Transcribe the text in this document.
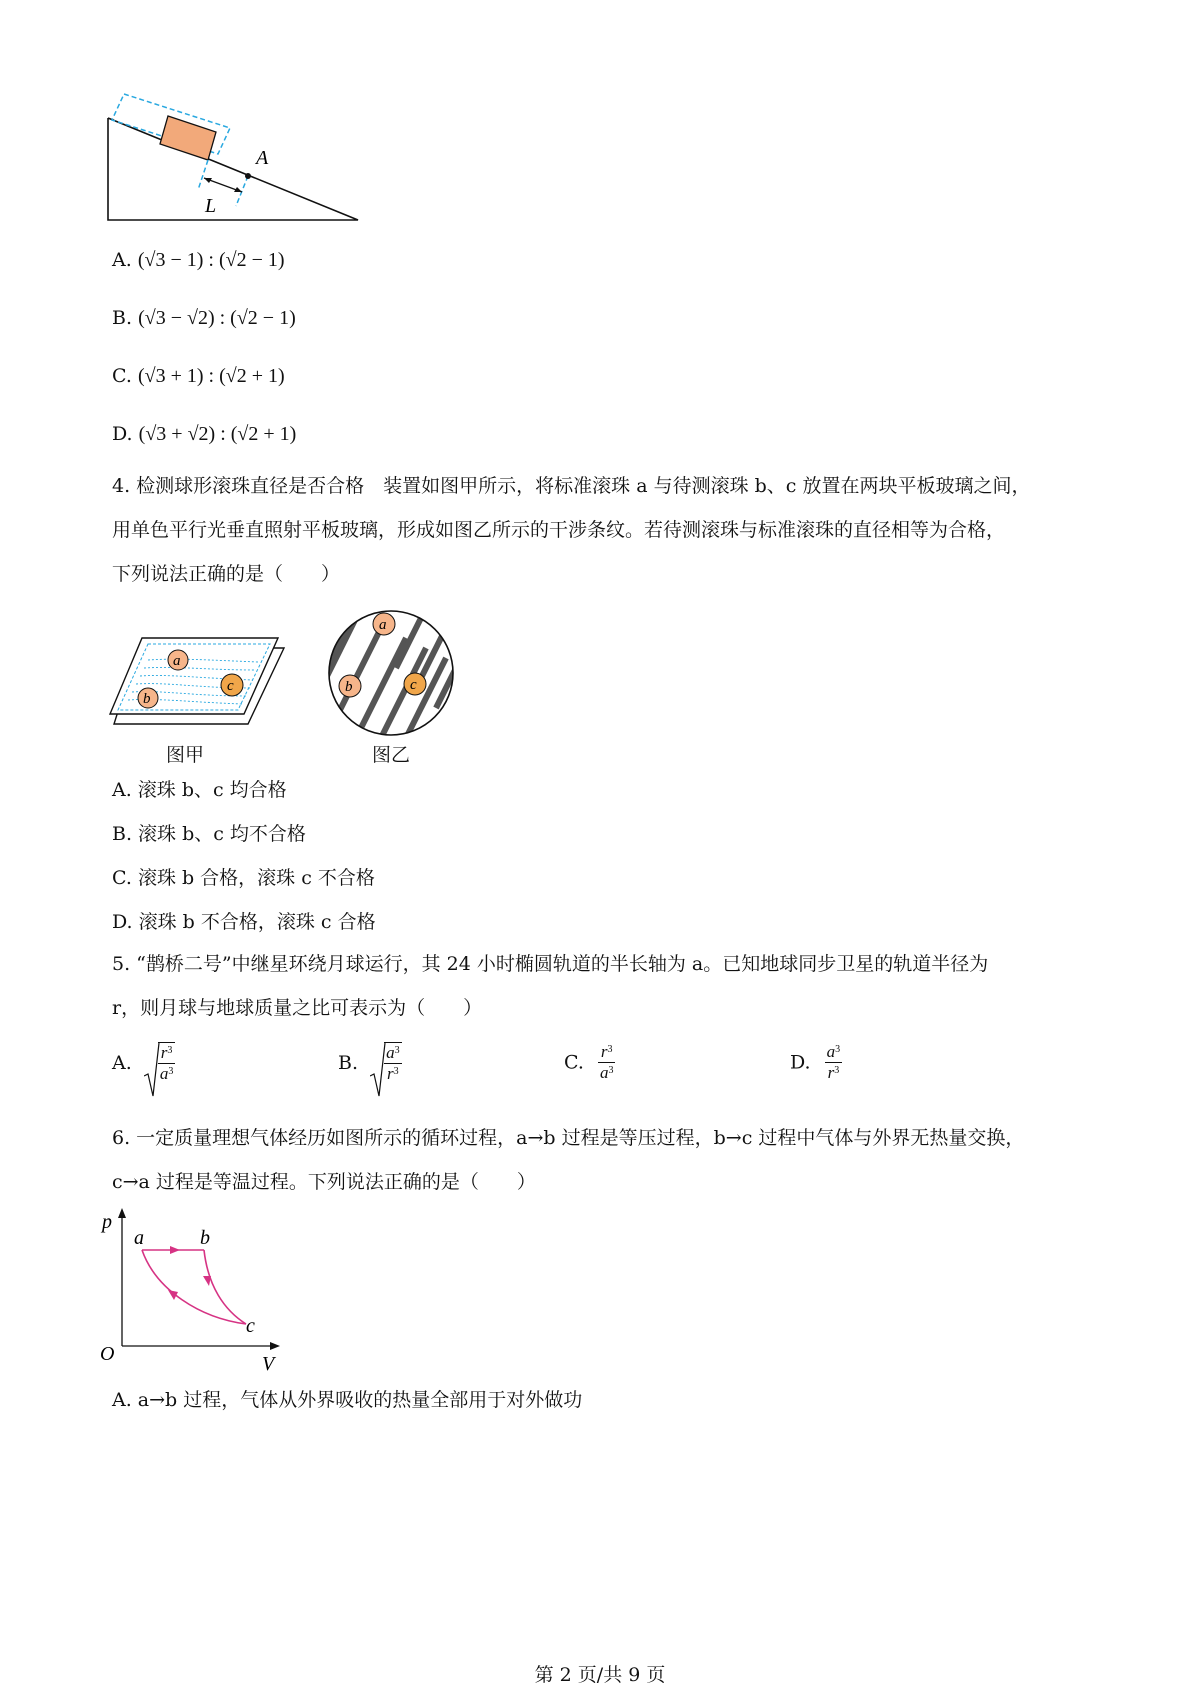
A
L
A. (√3 − 1) : (√2 − 1)
B. (√3 − √2) : (√2 − 1)
C. (√3 + 1) : (√2 + 1)
D. (√3 + √2) : (√2 + 1)
4. 检测球形滚珠直径是否合格　装置如图甲所示，将标准滚珠 a 与待测滚珠 b、c 放置在两块平板玻璃之间，
用单色平行光垂直照射平板玻璃，形成如图乙所示的干涉条纹。若待测滚珠与标准滚珠的直径相等为合格，
下列说法正确的是（　　）
a
b
c
图甲
a
b	c
图乙
A. 滚珠 b、c 均合格
B. 滚珠 b、c 均不合格
C. 滚珠 b 合格，滚珠 c 不合格
D. 滚珠 b 不合格，滚珠 c 合格
5. “鹊桥二号”中继星环绕月球运行，其 24 小时椭圆轨道的半长轴为 a。已知地球同步卫星的轨道半径为
r，则月球与地球质量之比可表示为（　　）
A. $\frac{r^3}{a^3}$	B. $\frac{a^3}{r^3}$	C. $\frac{r^3}{a^3}$	D. $\frac{a^3}{r^3}$
6. 一定质量理想气体经历如图所示的循环过程，a→b 过程是等压过程，b→c 过程中气体与外界无热量交换，
c→a 过程是等温过程。下列说法正确的是（　　）
p
V
O
a	b
c
A. a→b 过程，气体从外界吸收的热量全部用于对外做功
第 2 页/共 9 页
